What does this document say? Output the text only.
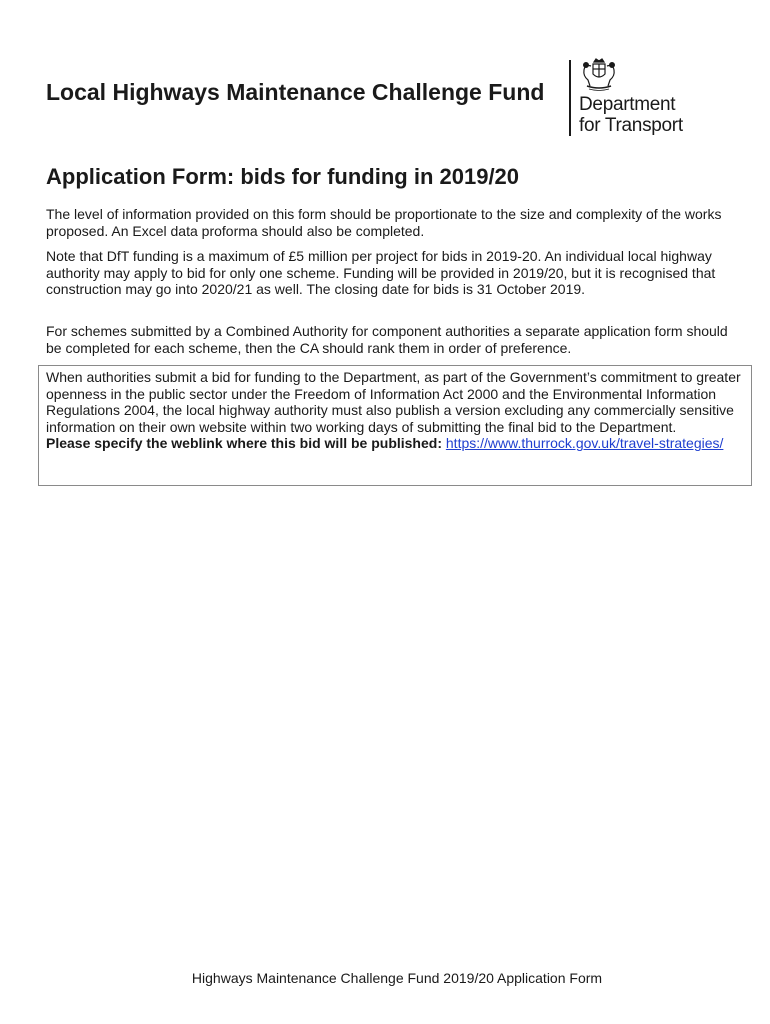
Local Highways Maintenance Challenge Fund	Department
for Transport
Application Form: bids for funding in 2019/20

The level of information provided on this form should be proportionate to the size and complexity of the works proposed. An Excel data proforma should also be completed.

Note that DfT funding is a maximum of £5 million per project for bids in 2019-20. An individual local highway authority may apply to bid for only one scheme. Funding will be provided in 2019/20, but it is recognised that construction may go into 2020/21 as well. The closing date for bids is 31 October 2019.

For schemes submitted by a Combined Authority for component authorities a separate application form should be completed for each scheme, then the CA should rank them in order of preference.

When authorities submit a bid for funding to the Department, as part of the Government’s commitment to greater openness in the public sector under the Freedom of Information Act 2000 and the Environmental Information Regulations 2004, the local highway authority must also publish a version excluding any commercially sensitive information on their own website within two working days of submitting the final bid to the Department.

Please specify the weblink where this bid will be published: https://www.thurrock.gov.uk/travel-strategies/

Highways Maintenance Challenge Fund 2019/20 Application Form
